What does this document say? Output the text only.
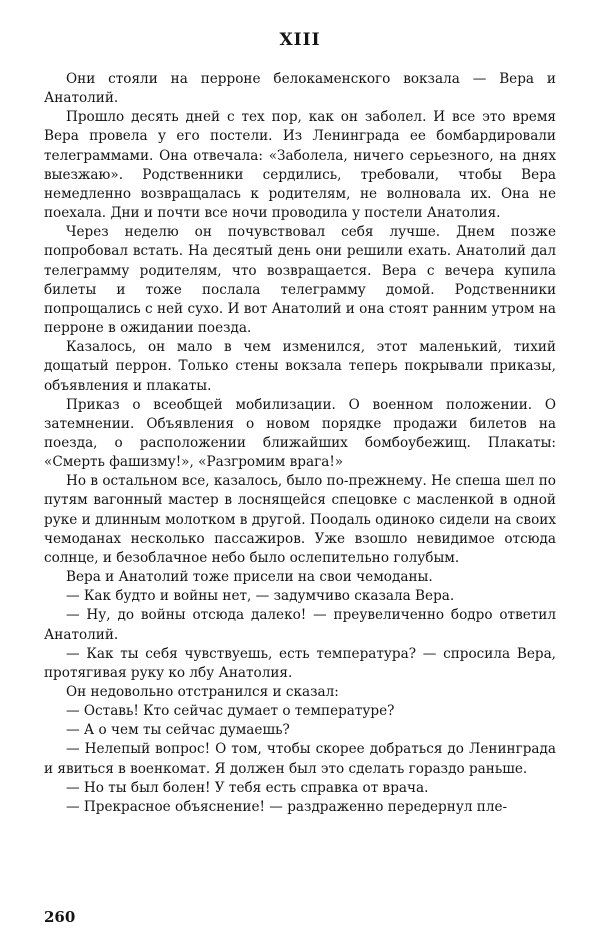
XIII

Они стояли на перроне белокаменского вокзала — Вера и Анатолий.

Прошло десять дней с тех пор, как он заболел. И все это время Вера провела у его постели. Из Ленинграда ее бомбардировали телеграммами. Она отвечала: «Заболела, ничего серьезного, на днях выезжаю». Родственники сердились, требовали, чтобы Вера немедленно возвращалась к родителям, не волновала их. Она не поехала. Дни и почти все ночи проводила у постели Анатолия.

Через неделю он почувствовал себя лучше. Днем позже попробовал встать. На десятый день они решили ехать. Анатолий дал телеграмму родителям, что возвращается. Вера с вечера купила билеты и тоже послала телеграмму домой. Родственники попрощались с ней сухо. И вот Анатолий и она стоят ранним утром на перроне в ожидании поезда.

Казалось, он мало в чем изменился, этот маленький, тихий дощатый перрон. Только стены вокзала теперь покрывали приказы, объявления и плакаты.

Приказ о всеобщей мобилизации. О военном положении. О затемнении. Объявления о новом порядке продажи билетов на поезда, о расположении ближайших бомбоубежищ. Плакаты: «Смерть фашизму!», «Разгромим врага!»

Но в остальном все, казалось, было по-прежнему. Не спеша шел по путям вагонный мастер в лоснящейся спецовке с масленкой в одной руке и длинным молотком в другой. Поодаль одиноко сидели на своих чемоданах несколько пассажиров. Уже взошло невидимое отсюда солнце, и безоблачное небо было ослепительно голубым.

Вера и Анатолий тоже присели на свои чемоданы.

— Как будто и войны нет, — задумчиво сказала Вера.

— Ну, до войны отсюда далеко! — преувеличенно бодро ответил Анатолий.

— Как ты себя чувствуешь, есть температура? — спросила Вера, протягивая руку ко лбу Анатолия.

Он недовольно отстранился и сказал:

— Оставь! Кто сейчас думает о температуре?

— А о чем ты сейчас думаешь?

— Нелепый вопрос! О том, чтобы скорее добраться до Ленинграда и явиться в военкомат. Я должен был это сделать гораздо раньше.

— Но ты был болен! У тебя есть справка от врача.

— Прекрасное объяснение! — раздраженно передернул пле-

260
